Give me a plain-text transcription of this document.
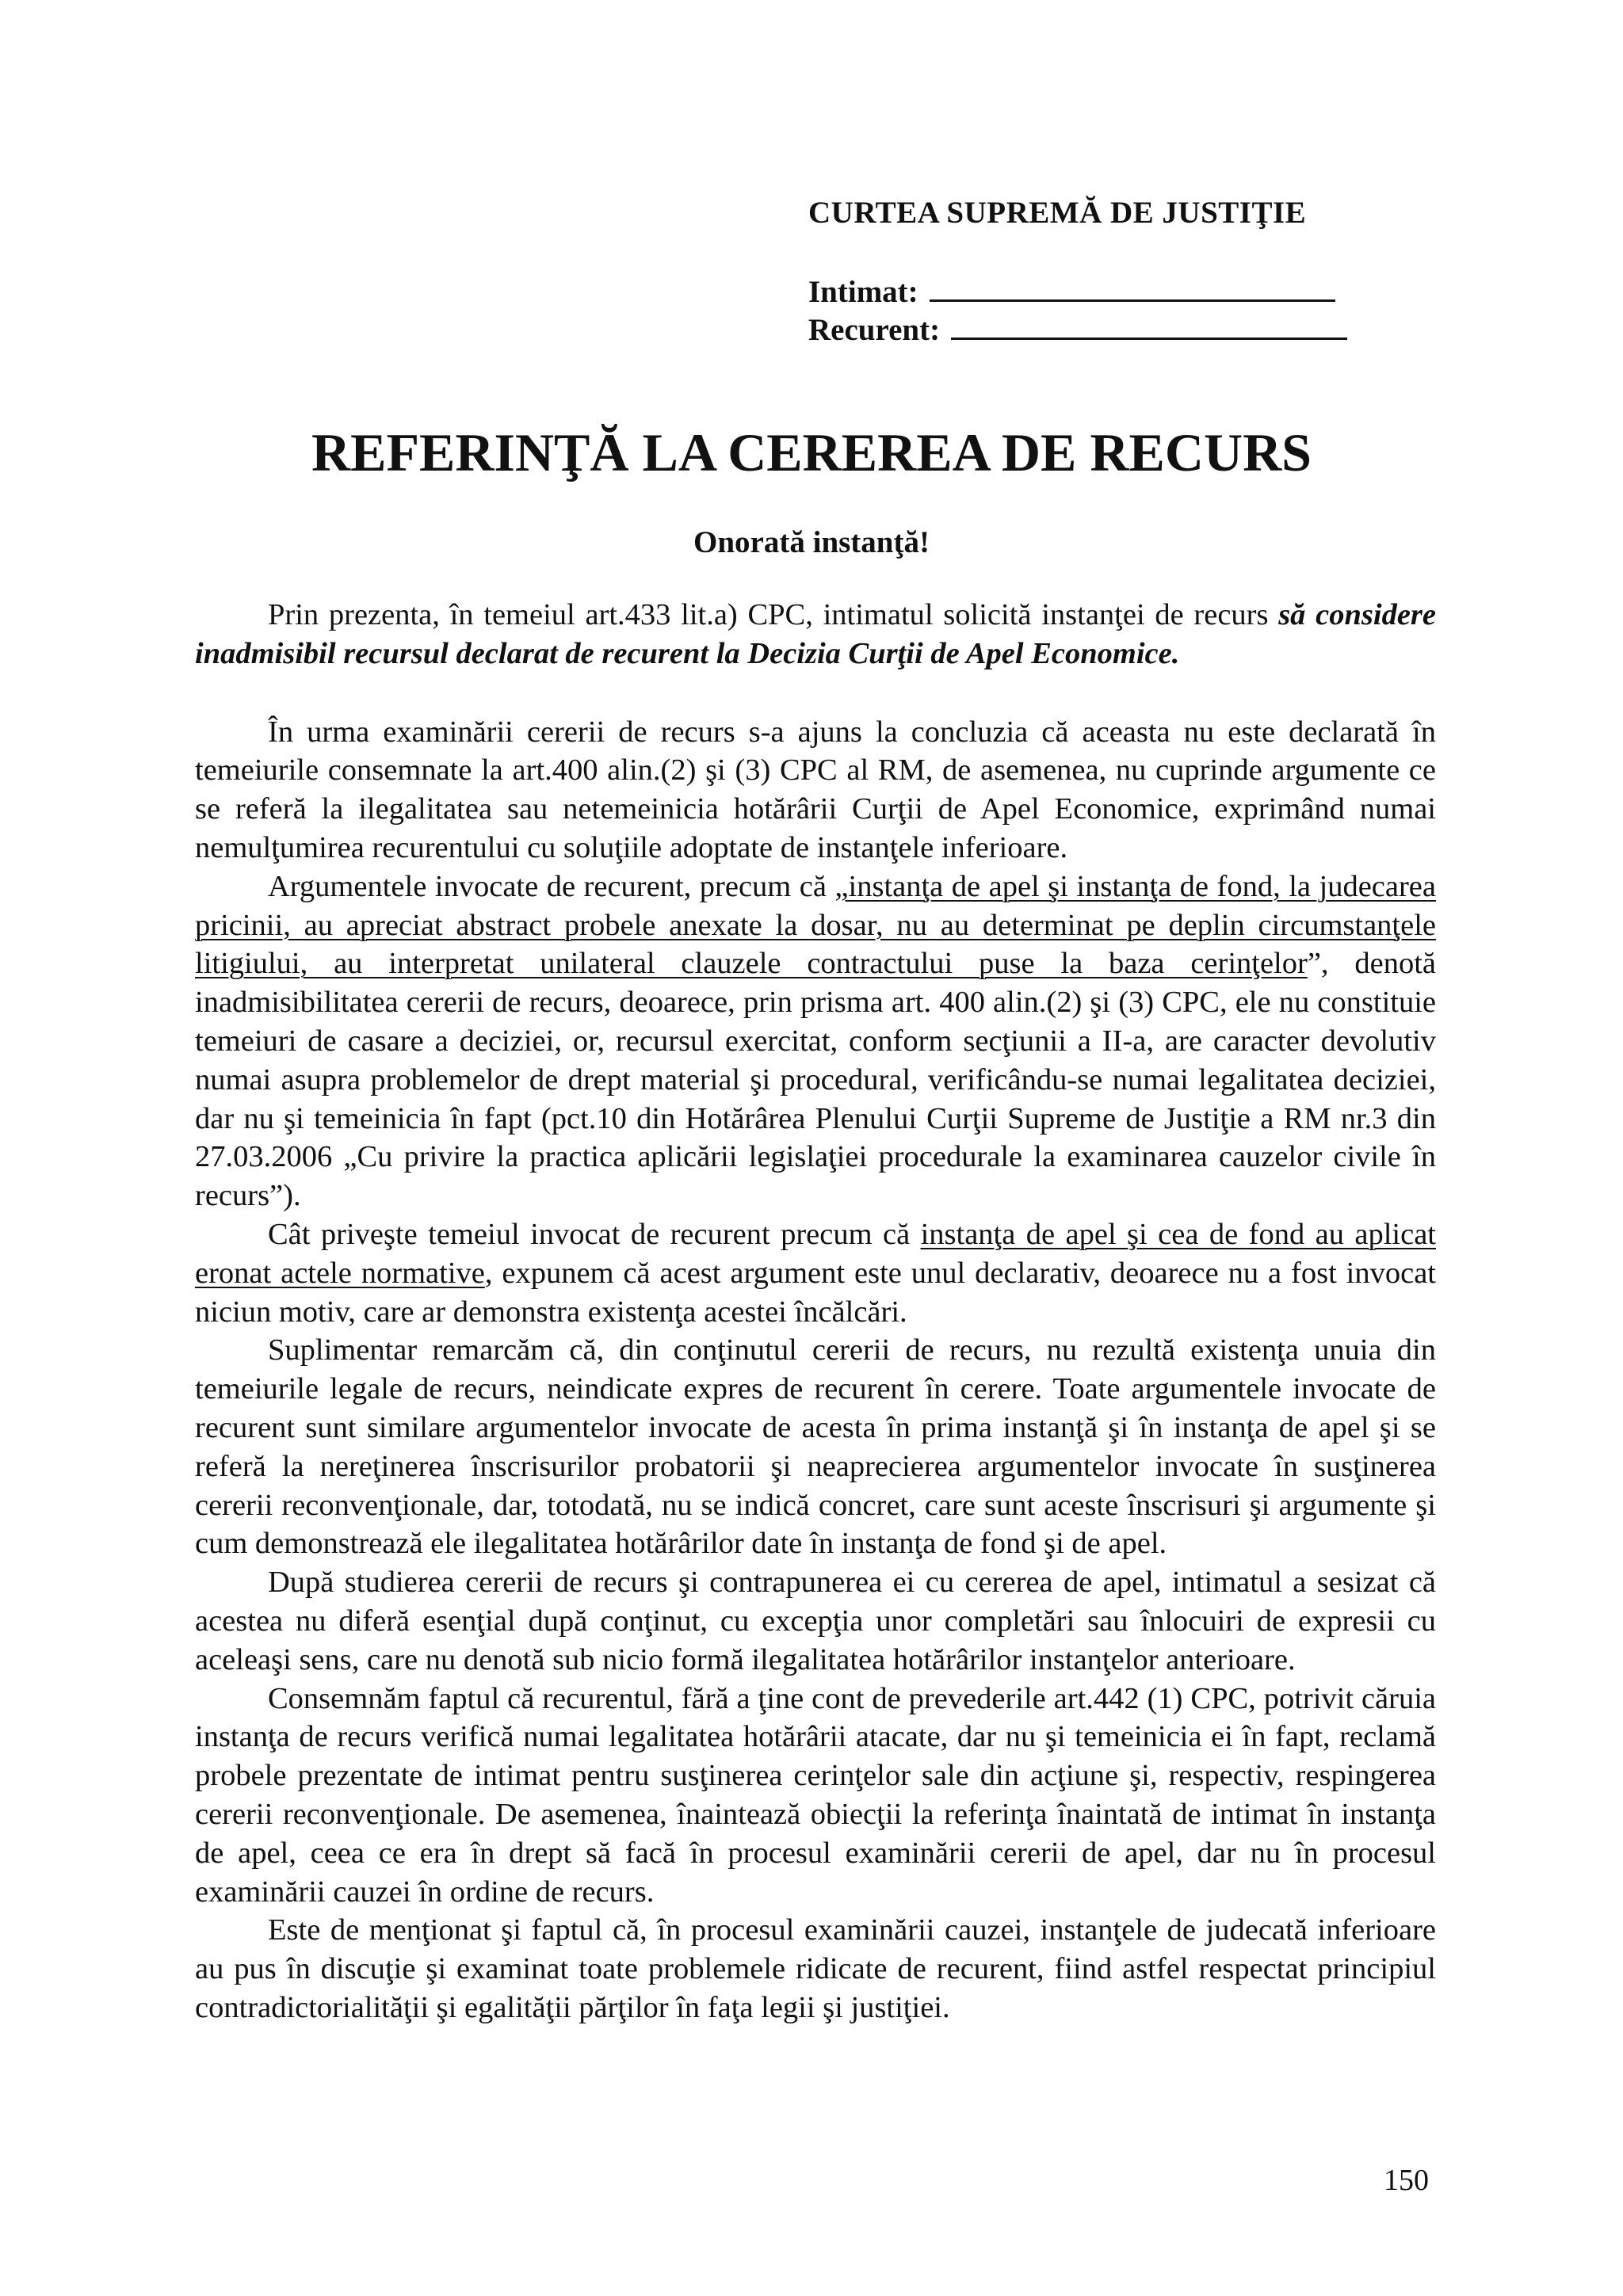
CURTEA SUPREMĂ DE JUSTIŢIE
Intimat:
Recurent:
REFERINŢĂ LA CEREREA DE RECURS
Onorată instanţă!

Prin prezenta, în temeiul art.433 lit.a) CPC, intimatul solicită instanţei de recurs să considere inadmisibil recursul declarat de recurent la Decizia Curţii de Apel Economice.

În urma examinării cererii de recurs s-a ajuns la concluzia că aceasta nu este declarată în temeiurile consemnate la art.400 alin.(2) şi (3) CPC al RM, de asemenea, nu cuprinde argumente ce se referă la ilegalitatea sau netemeinicia hotărârii Curţii de Apel Economice, exprimând numai nemulţumirea recurentului cu soluţiile adoptate de instanţele inferioare.

Argumentele invocate de recurent, precum că „instanţa de apel şi instanţa de fond, la judecarea pricinii, au apreciat abstract probele anexate la dosar, nu au determinat pe deplin circumstanţele litigiului, au interpretat unilateral clauzele contractului puse la baza cerinţelor”, denotă inadmisibilitatea cererii de recurs, deoarece, prin prisma art. 400 alin.(2) şi (3) CPC, ele nu constituie temeiuri de casare a deciziei, or, recursul exercitat, conform secţiunii a II-a, are caracter devolutiv numai asupra problemelor de drept material şi procedural, verificându-se numai legalitatea deciziei, dar nu şi temeinicia în fapt (pct.10 din Hotărârea Plenului Curţii Supreme de Justiţie a RM nr.3 din 27.03.2006 „Cu privire la practica aplicării legislaţiei procedurale la examinarea cauzelor civile în recurs”).

Cât priveşte temeiul invocat de recurent precum că instanţa de apel şi cea de fond au aplicat eronat actele normative, expunem că acest argument este unul declarativ, deoarece nu a fost invocat niciun motiv, care ar demonstra existenţa acestei încălcări.

Suplimentar remarcăm că, din conţinutul cererii de recurs, nu rezultă existenţa unuia din temeiurile legale de recurs, neindicate expres de recurent în cerere. Toate argumentele invocate de recurent sunt similare argumentelor invocate de acesta în prima instanţă şi în instanţa de apel şi se referă la nereţinerea înscrisurilor probatorii şi neaprecierea argumentelor invocate în susţinerea cererii reconvenţionale, dar, totodată, nu se indică concret, care sunt aceste înscrisuri şi argumente şi cum demonstrează ele ilegalitatea hotărârilor date în instanţa de fond şi de apel.

După studierea cererii de recurs şi contrapunerea ei cu cererea de apel, intimatul a sesizat că acestea nu diferă esenţial după conţinut, cu excepţia unor completări sau înlocuiri de expresii cu aceleaşi sens, care nu denotă sub nicio formă ilegalitatea hotărârilor instanţelor anterioare.

Consemnăm faptul că recurentul, fără a ţine cont de prevederile art.442 (1) CPC, potrivit căruia instanţa de recurs verifică numai legalitatea hotărârii atacate, dar nu şi temeinicia ei în fapt, reclamă probele prezentate de intimat pentru susţinerea cerinţelor sale din acţiune şi, respectiv, respingerea cererii reconvenţionale. De asemenea, înaintează obiecţii la referinţa înaintată de intimat în instanţa de apel, ceea ce era în drept să facă în procesul examinării cererii de apel, dar nu în procesul examinării cauzei în ordine de recurs.

Este de menţionat şi faptul că, în procesul examinării cauzei, instanţele de judecată inferioare au pus în discuţie şi examinat toate problemele ridicate de recurent, fiind astfel respectat principiul contradictorialităţii şi egalităţii părţilor în faţa legii şi justiţiei.

150
